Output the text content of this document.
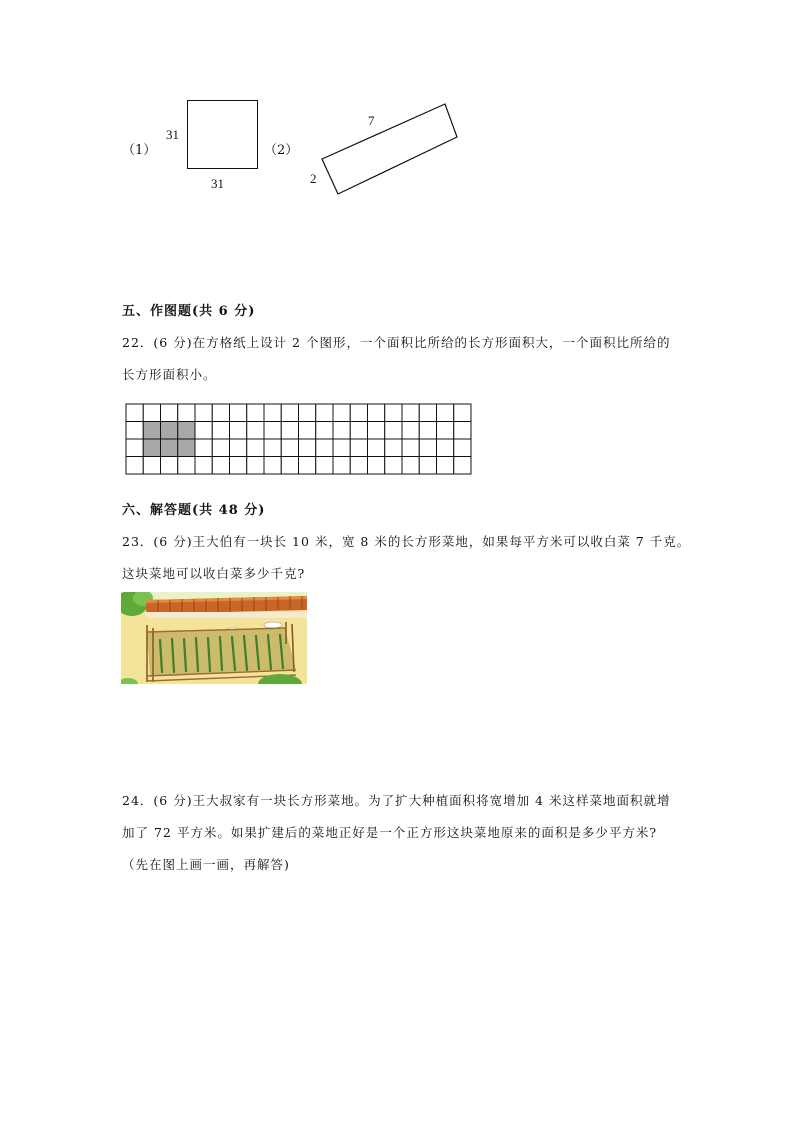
（1）
31
31
（2）
7
2
五、作图题(共 6 分)
22．(6 分)在方格纸上设计 2 个图形，一个面积比所给的长方形面积大，一个面积比所给的
长方形面积小。
六、解答题(共 48 分)
23．(6 分)王大伯有一块长 10 米，宽 8 米的长方形菜地，如果每平方米可以收白菜 7 千克。
这块菜地可以收白菜多少千克?
24．(6 分)王大叔家有一块长方形菜地。为了扩大种植面积将宽增加 4 米这样菜地面积就增
加了 72 平方米。如果扩建后的菜地正好是一个正方形这块菜地原来的面积是多少平方米?
（先在图上画一画，再解答)
